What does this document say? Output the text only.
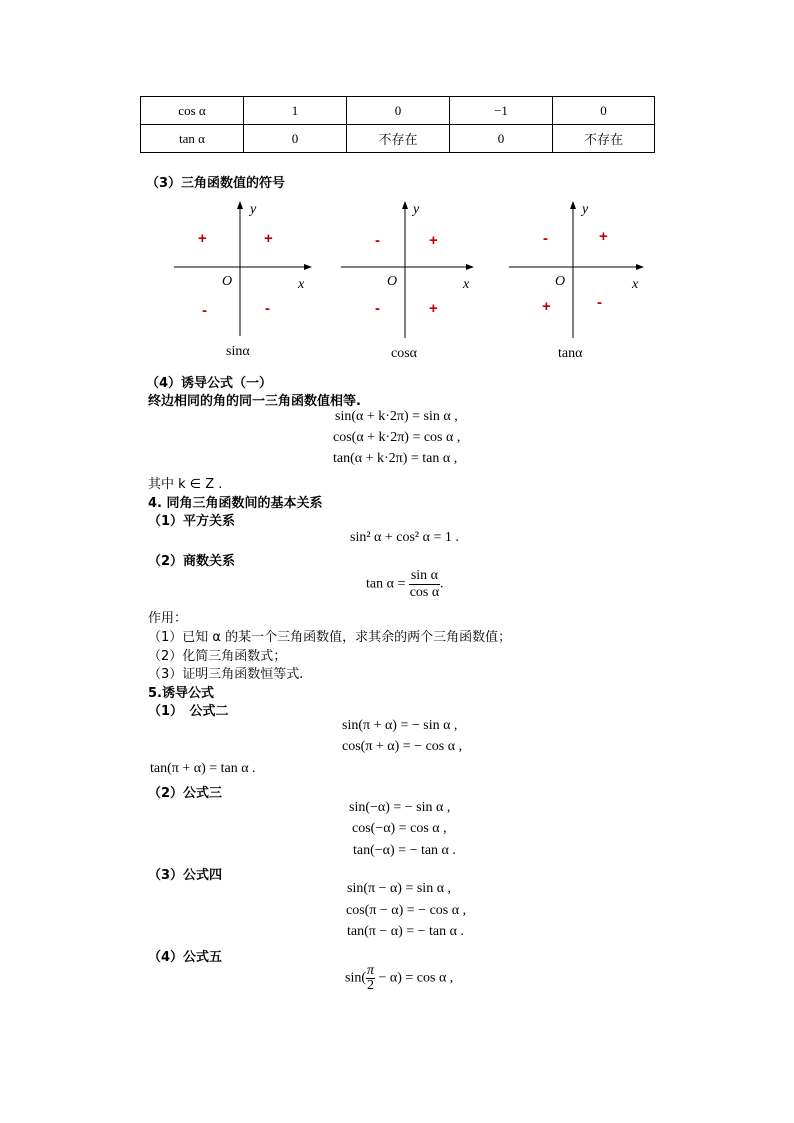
cos α	1	0	−1	0
tan α	0	不存在	0	不存在
（3）三角函数值的符号
y
x
O
+
+
-	-
sinα
y
x
O
+
-
-	+
cosα
y
x
O
+
-
+	-
tanα
（4）诱导公式（一）
终边相同的角的同一三角函数值相等.
sin(α + k·2π) = sin α ,
cos(α + k·2π) = cos α ,
tan(α + k·2π) = tan α ,
其中 k ∈ Z .
4. 同角三角函数间的基本关系
（1）平方关系
sin² α + cos² α = 1 .
（2）商数关系
$\tan \alpha = \frac{\text{sin α}}{\text{cos α}}$ .
作用：
（1）已知 α 的某一个三角函数值，求其余的两个三角函数值；
（2）化简三角函数式；
（3）证明三角函数恒等式.
5.诱导公式
（1）　公式二
sin(π + α) = − sin α ,
cos(π + α) = − cos α ,
tan(π + α) = tan α .
（2）公式三
sin(−α) = − sin α ,
cos(−α) = cos α ,
tan(−α) = − tan α .
（3）公式四
sin(π − α) = sin α ,
cos(π − α) = − cos α ,
tan(π − α) = − tan α .
（4）公式五
$\sin( \frac{\pi}{2} - \alpha) = \cos \alpha$ ,
